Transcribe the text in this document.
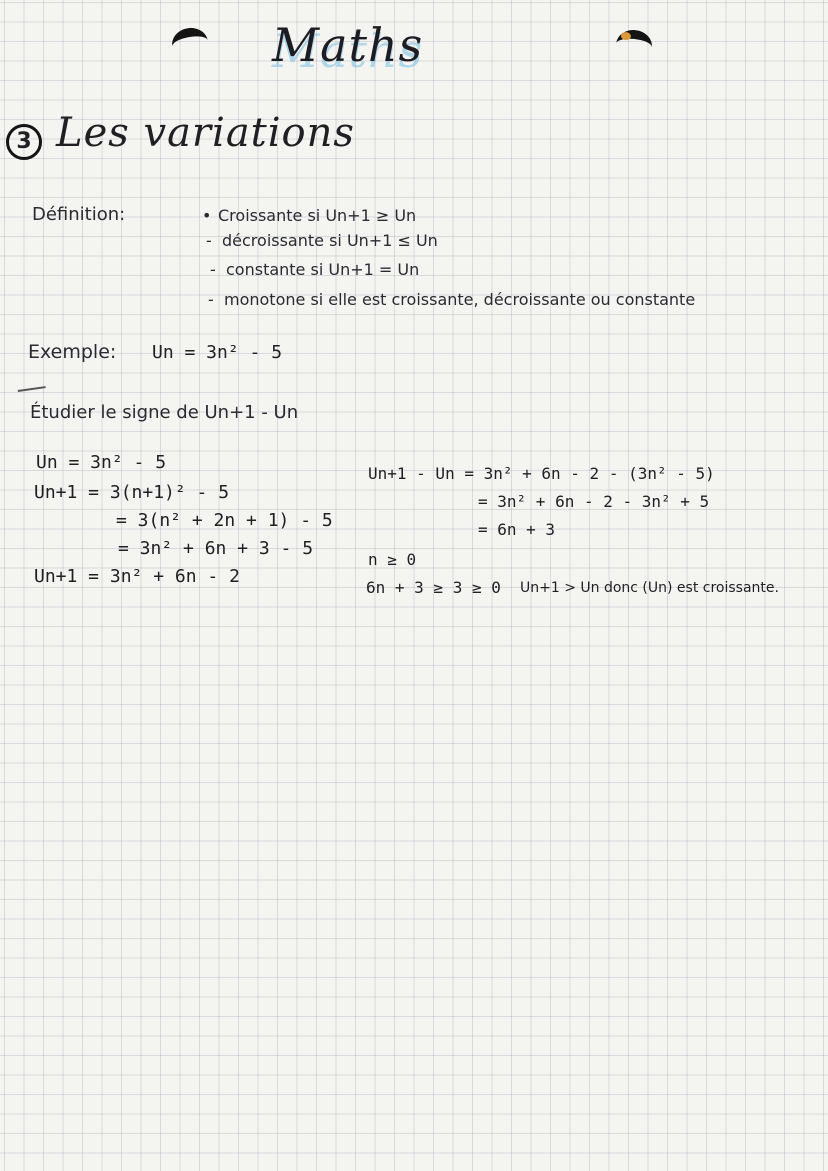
Maths
3 Les variations
Définition:	• Croissante si Un+1 ≥ Un
- décroissante si Un+1 ≤ Un
- constante si Un+1 = Un
- monotone si elle est croissante, décroissante ou constante
Exemple: Un = 3n² - 5
Étudier le signe de Un+1 - Un
Un = 3n² - 5
Un+1 = 3(n+1)² - 5
= 3(n² + 2n + 1) - 5
= 3n² + 6n + 3 - 5
Un+1 = 3n² + 6n - 2
Un+1 - Un = 3n² + 6n - 2 - (3n² - 5)
= 3n² + 6n - 2 - 3n² + 5
= 6n + 3
n ≥ 0
6n + 3 ≥ 3 ≥ 0 Un+1 > Un donc (Un) est croissante.
